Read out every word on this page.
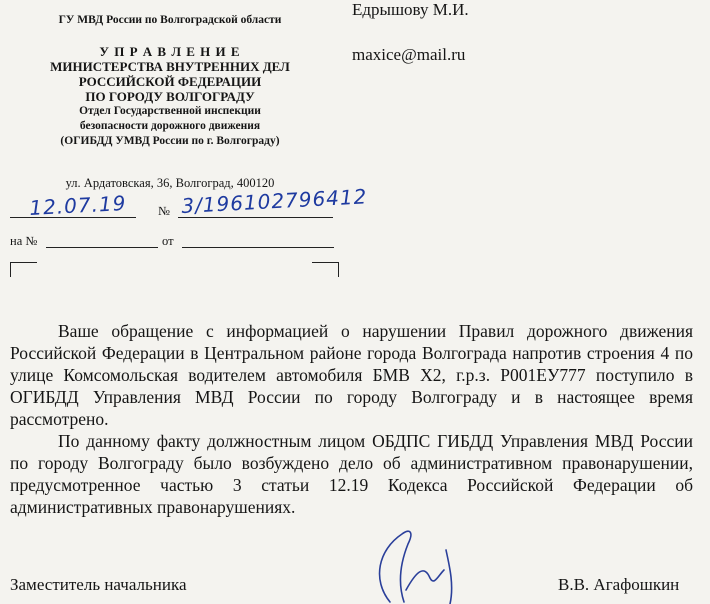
ГУ МВД России по Волгоградской области
У П Р А В Л Е Н И Е
МИНИСТЕРСТВА ВНУТРЕННИХ ДЕЛ
РОССИЙСКОЙ ФЕДЕРАЦИИ
ПО ГОРОДУ ВОЛГОГРАДУ
Отдел Государственной инспекции
безопасности дорожного движения
(ОГИБДД УМВД России по г. Волгограду)
ул. Ардатовская, 36, Волгоград, 400120
Едрышову М.И.
maxice@mail.ru
12.07.19 № 3/196102796412
на №	от

Ваше обращение с информацией о нарушении Правил дорожного движения Российской Федерации в Центральном районе города Волгограда напротив строения 4 по улице Комсомольская водителем автомобиля БМВ Х2, г.р.з. Р001ЕУ777 поступило в ОГИБДД Управления МВД России по городу Волгограду и в настоящее время рассмотрено.

По данному факту должностным лицом ОБДПС ГИБДД Управления МВД России по городу Волгограду было возбуждено дело об административном правонарушении, предусмотренное частью 3 статьи 12.19 Кодекса Российской Федерации об административных правонарушениях.

Заместитель начальника	В.В. Агафошкин
